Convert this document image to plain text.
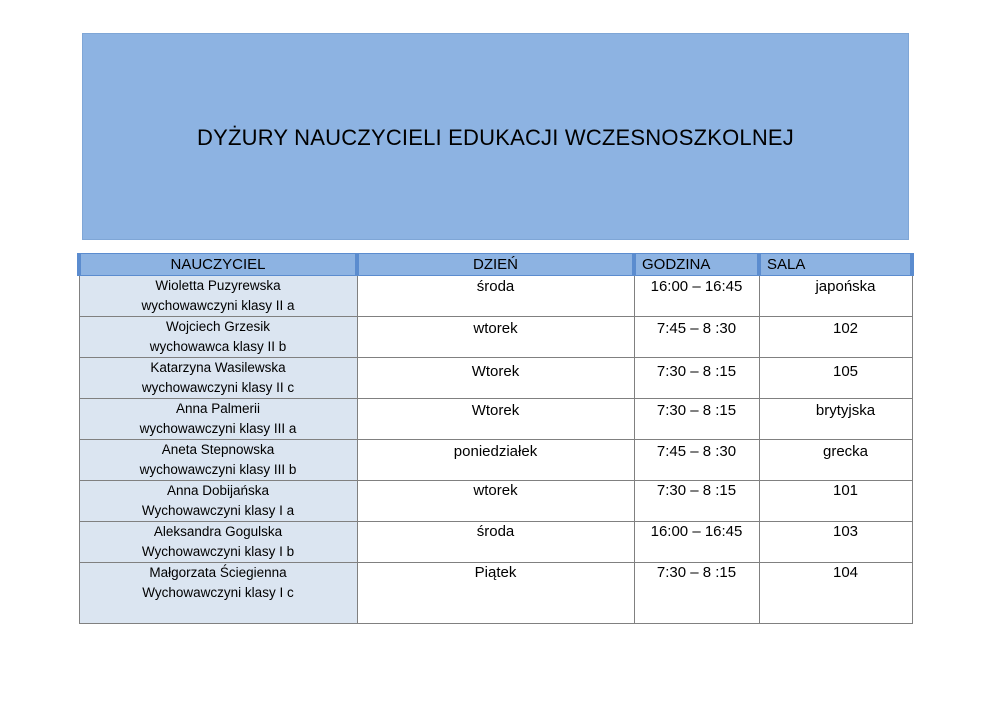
DYŻURY NAUCZYCIELI EDUKACJI WCZESNOSZKOLNEJ
NAUCZYCIEL	DZIEŃ	GODZINA	SALA

Wioletta Puzyrewska
wychowawczyni klasy II a	środa	16:00 – 16:45	japońska

Wojciech Grzesik
wychowawca klasy II b	wtorek	7:45 – 8 :30	102

Katarzyna Wasilewska
wychowawczyni klasy II c	Wtorek	7:30 – 8 :15	105

Anna Palmerii
wychowawczyni klasy III a	Wtorek	7:30 – 8 :15	brytyjska

Aneta Stepnowska
wychowawczyni klasy III b	poniedziałek	7:45 – 8 :30	grecka

Anna Dobijańska
Wychowawczyni klasy I a	wtorek	7:30 – 8 :15	101

Aleksandra Gogulska
Wychowawczyni klasy I b	środa	16:00 – 16:45	103

Małgorzata Ściegienna
Wychowawczyni klasy I c	Piątek	7:30 – 8 :15	104
